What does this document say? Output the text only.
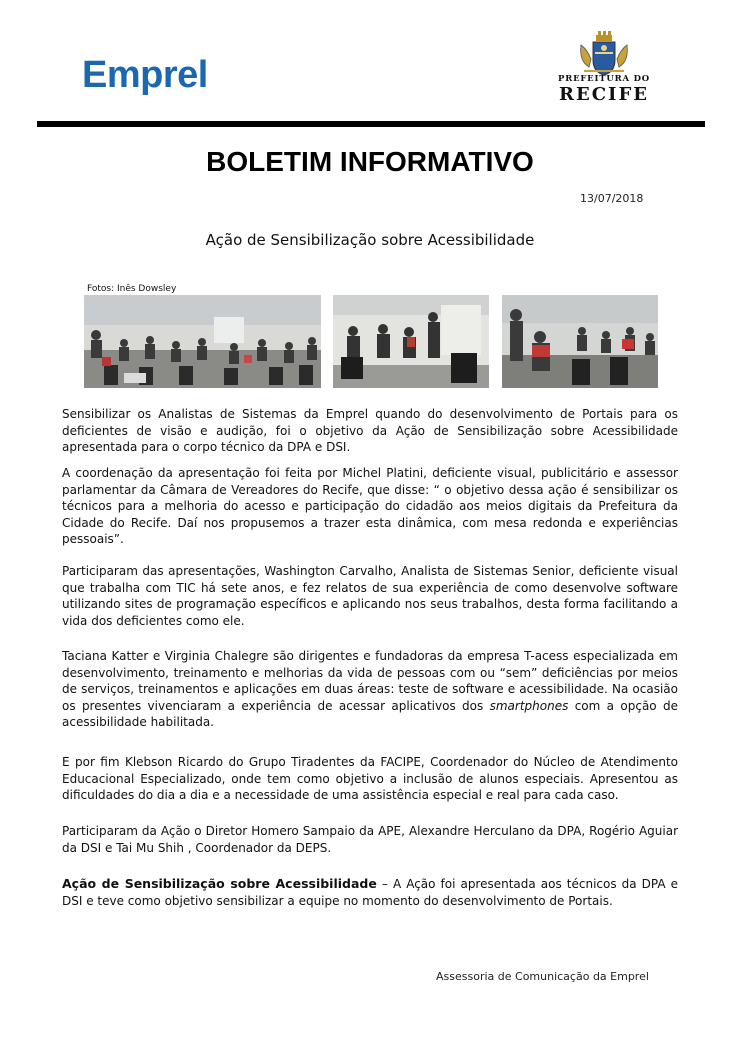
Emprel	PREFEITURA DO
RECIFE
BOLETIM INFORMATIVO
13/07/2018
Ação de Sensibilização sobre Acessibilidade
Fotos: Inês Dowsley

Sensibilizar os Analistas de Sistemas da Emprel quando do desenvolvimento de Portais para os deficientes de visão e audição, foi o objetivo da Ação de Sensibilização sobre Acessibilidade apresentada para o corpo técnico da DPA e DSI.

A coordenação da apresentação foi feita por Michel Platini, deficiente visual, publicitário e assessor parlamentar da Câmara de Vereadores do Recife, que disse: “ o objetivo dessa ação é sensibilizar os técnicos para a melhoria do acesso e participação do cidadão aos meios digitais da Prefeitura da Cidade do Recife. Daí nos propusemos a trazer esta dinâmica, com mesa redonda e experiências pessoais”.

Participaram das apresentações, Washington Carvalho, Analista de Sistemas Senior, deficiente visual que trabalha com TIC há sete anos, e fez relatos de sua experiência de como desenvolve software utilizando sites de programação específicos e aplicando nos seus trabalhos, desta forma facilitando a vida dos deficientes como ele.

Taciana Katter e Virginia Chalegre são dirigentes e fundadoras da empresa T-acess especializada em desenvolvimento, treinamento e melhorias da vida de pessoas com ou “sem” deficiências por meios de serviços, treinamentos e aplicações em duas áreas: teste de software e acessibilidade. Na ocasião os presentes vivenciaram a experiência de acessar aplicativos dos smartphones com a opção de acessibilidade habilitada.

E por fim Klebson Ricardo do Grupo Tiradentes da FACIPE, Coordenador do Núcleo de Atendimento Educacional Especializado, onde tem como objetivo a inclusão de alunos especiais. Apresentou as dificuldades do dia a dia e a necessidade de uma assistência especial e real para cada caso.

Participaram da Ação o Diretor Homero Sampaio da APE, Alexandre Herculano da DPA, Rogério Aguiar da DSI e Tai Mu Shih , Coordenador da DEPS.

Ação de Sensibilização sobre Acessibilidade – A Ação foi apresentada aos técnicos da DPA e DSI e teve como objetivo sensibilizar a equipe no momento do desenvolvimento de Portais.

Assessoria de Comunicação da Emprel
